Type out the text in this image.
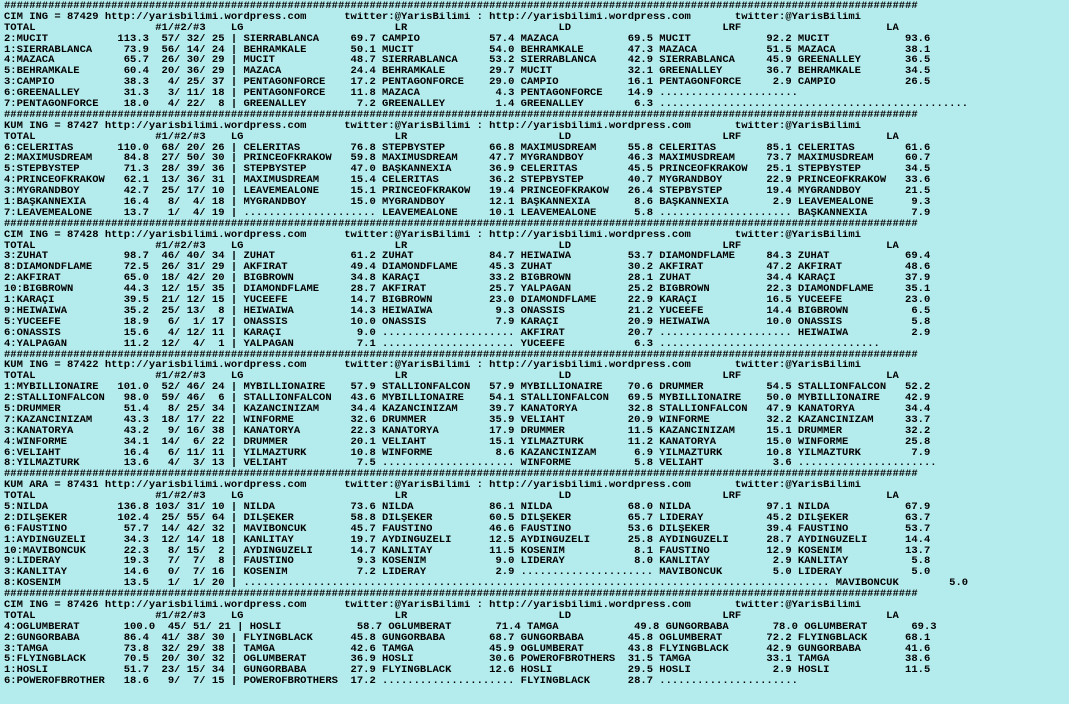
#################################################################################################################################################
CIM ING = 87429 http://yarisbilimi.wordpress.com      twitter:@YarisBilimi : http://yarisbilimi.wordpress.com       twitter:@YarisBilimi
TOTAL                   #1/#2/#3    LG                        LR                        LD                        LRF                       LA
2:MUCİT           113.3  57/ 32/ 25 | SIERRABLANCA     69.7 CAMPIO           57.4 MAZACA           69.5 MUCİT            92.2 MUCİT            93.6
1:SIERRABLANCA     73.9  56/ 14/ 24 | BEHRAMKALE       50.1 MUCİT            54.0 BEHRAMKALE       47.3 MAZACA           51.5 MAZACA           38.1
4:MAZACA           65.7  26/ 30/ 29 | MUCİT            48.7 SIERRABLANCA     53.2 SIERRABLANCA     42.9 SIERRABLANCA     45.9 GREENALLEY       36.5
5:BEHRAMKALE       60.4  20/ 36/ 29 | MAZACA           24.4 BEHRAMKALE       29.7 MUCİT            32.1 GREENALLEY       36.7 BEHRAMKALE       34.5
3:CAMPIO           38.3   4/ 25/ 37 | PENTAGONFORCE    17.2 PENTAGONFORCE    29.0 CAMPIO           16.1 PENTAGONFORCE     2.9 CAMPIO           26.5
6:GREENALLEY       31.3   3/ 11/ 18 | PENTAGONFORCE    11.8 MAZACA            4.3 PENTAGONFORCE    14.9 ......................
7:PENTAGONFORCE    18.0   4/ 22/  8 | GREENALLEY        7.2 GREENALLEY        1.4 GREENALLEY        6.3 .................................................
#################################################################################################################################################
KUM ING = 87427 http://yarisbilimi.wordpress.com      twitter:@YarisBilimi : http://yarisbilimi.wordpress.com       twitter:@YarisBilimi
TOTAL                   #1/#2/#3    LG                        LR                        LD                        LRF                       LA
6:CELERITAS       110.0  68/ 20/ 26 | CELERITAS        76.8 STEPBYSTEP       66.8 MAXIMUSDREAM     55.8 CELERITAS        85.1 CELERITAS        61.6
2:MAXIMUSDREAM     84.8  27/ 50/ 30 | PRINCEOFKRAKOW   59.8 MAXIMUSDREAM     47.7 MYGRANDBOY       46.3 MAXIMUSDREAM     73.7 MAXIMUSDREAM     60.7
5:STEPBYSTEP       71.3  28/ 39/ 36 | STEPBYSTEP       47.0 BAŞKANNEXIA      36.9 CELERITAS        45.5 PRINCEOFKRAKOW   25.1 STEPBYSTEP       34.5
4:PRINCEOFKRAKOW   62.1  13/ 36/ 31 | MAXIMUSDREAM     15.4 CELERITAS        36.2 STEPBYSTEP       40.7 MYGRANDBOY       22.9 PRINCEOFKRAKOW   33.6
3:MYGRANDBOY       42.7  25/ 17/ 10 | LEAVEMEALONE     15.1 PRINCEOFKRAKOW   19.4 PRINCEOFKRAKOW   26.4 STEPBYSTEP       19.4 MYGRANDBOY       21.5
1:BAŞKANNEXIA      16.4   8/  4/ 18 | MYGRANDBOY       15.0 MYGRANDBOY       12.1 BAŞKANNEXIA       8.6 BAŞKANNEXIA       2.9 LEAVEMEALONE      9.3
7:LEAVEMEALONE     13.7   1/  4/ 19 | ..................... LEAVEMEALONE     10.1 LEAVEMEALONE      5.8 ..................... BAŞKANNEXIA       7.9
#################################################################################################################################################
CIM ING = 87428 http://yarisbilimi.wordpress.com      twitter:@YarisBilimi : http://yarisbilimi.wordpress.com       twitter:@YarisBilimi
TOTAL                   #1/#2/#3    LG                        LR                        LD                        LRF                       LA
3:ZUHAT            98.7  46/ 40/ 34 | ZUHAT            61.2 ZUHAT            84.7 HEIWAIWA         53.7 DIAMONDFLAME     84.3 ZUHAT            69.4
8:DIAMONDFLAME     72.5  26/ 31/ 29 | AKFIRAT          49.4 DIAMONDFLAME     45.3 ZUHAT            30.2 AKFIRAT          47.2 AKFIRAT          48.6
2:AKFIRAT          65.0  18/ 42/ 20 | BIGBROWN         34.8 KARAÇİ           33.2 BIGBROWN         28.1 ZUHAT            34.4 KARAÇİ           37.9
10:BIGBROWN        44.3  12/ 15/ 35 | DIAMONDFLAME     28.7 AKFIRAT          25.7 YALPAGAN         25.2 BIGBROWN         22.3 DIAMONDFLAME     35.1
1:KARAÇİ           39.5  21/ 12/ 15 | YÜCEEFE          14.7 BIGBROWN         23.0 DIAMONDFLAME     22.9 KARAÇİ           16.5 YÜCEEFE          23.0
9:HEIWAIWA         35.2  25/ 13/  8 | HEIWAIWA         14.3 HEIWAIWA          9.3 ONASSIS          21.2 YÜCEEFE          14.4 BIGBROWN          6.5
5:YÜCEEFE          18.9   6/  1/ 17 | ONASSIS          10.0 ONASSIS           7.9 KARAÇİ           20.9 HEIWAIWA         10.0 ONASSIS           5.8
6:ONASSIS          15.6   4/ 12/ 11 | KARAÇİ            9.0 ..................... AKFIRAT          20.7 ..................... HEIWAIWA          2.9
4:YALPAGAN         11.2  12/  4/  1 | YALPAGAN          7.1 ..................... YÜCEEFE           6.3 ...................................
#################################################################################################################################################
KUM ING = 87422 http://yarisbilimi.wordpress.com      twitter:@YarisBilimi : http://yarisbilimi.wordpress.com       twitter:@YarisBilimi
TOTAL                   #1/#2/#3    LG                        LR                        LD                        LRF                       LA
1:MYBILLIONAIRE   101.0  52/ 46/ 24 | MYBILLIONAIRE    57.9 STALLIONFALCON   57.9 MYBILLIONAIRE    70.6 DRUMMER          54.5 STALLIONFALCON   52.2
2:STALLIONFALCON   98.0  59/ 46/  6 | STALLIONFALCON   43.6 MYBILLIONAIRE    54.1 STALLIONFALCON   69.5 MYBILLIONAIRE    50.0 MYBILLIONAIRE    42.9
5:DRUMMER          51.4   8/ 25/ 34 | KAZANCINIZAM     34.4 KAZANCINIZAM     39.7 KANATORYA        32.8 STALLIONFALCON   47.9 KANATORYA        34.4
7:KAZANCINIZAM     43.3  18/ 17/ 22 | WINFORME         32.6 DRUMMER          35.9 VELİAHT          20.9 WINFORME         32.2 KAZANCINIZAM     33.7
3:KANATORYA        43.2   9/ 16/ 38 | KANATORYA        22.3 KANATORYA        17.9 DRUMMER          11.5 KAZANCINIZAM     15.1 DRUMMER          32.2
4:WINFORME         34.1  14/  6/ 22 | DRUMMER          20.1 VELİAHT          15.1 YILMAZTÜRK       11.2 KANATORYA        15.0 WINFORME         25.8
6:VELİAHT          16.4   6/ 11/ 11 | YILMAZTÜRK       10.8 WINFORME          8.6 KAZANCINIZAM      6.9 YILMAZTÜRK       10.8 YILMAZTÜRK        7.9
8:YILMAZTÜRK       13.6   4/  3/ 13 | VELİAHT           7.5 ..................... WINFORME          5.8 VELİAHT           3.6 ......................
#################################################################################################################################################
KUM ARA = 87431 http://yarisbilimi.wordpress.com      twitter:@YarisBilimi : http://yarisbilimi.wordpress.com       twitter:@YarisBilimi
TOTAL                   #1/#2/#3    LG                        LR                        LD                        LRF                       LA
5:NİLDA           136.8 103/ 31/ 10 | NİLDA            73.6 NİLDA            86.1 NİLDA            68.0 NİLDA            97.1 NİLDA            67.9
2:DİLŞEKER        102.4  25/ 55/ 64 | DİLŞEKER         58.8 DİLŞEKER         60.5 DİLŞEKER         65.7 LİDERAY          45.2 DİLŞEKER         63.7
6:FAUSTİNO         57.7  14/ 42/ 32 | MAVİBONCUK       45.7 FAUSTİNO         46.6 FAUSTİNO         53.6 DİLŞEKER         39.4 FAUSTİNO         53.7
1:AYDINGÜZELİ      34.3  12/ 14/ 18 | KANLITAY         19.7 AYDINGÜZELİ      12.5 AYDINGÜZELİ      25.8 AYDINGÜZELİ      28.7 AYDINGÜZELİ      14.4
10:MAVİBONCUK      22.3   8/ 15/  2 | AYDINGÜZELİ      14.7 KANLITAY         11.5 KÖSENİM           8.1 FAUSTİNO         12.9 KÖSENİM          13.7
9:LİDERAY          19.3   7/  7/  8 | FAUSTİNO          9.3 KÖSENİM           9.0 LİDERAY           8.0 KANLITAY          2.9 KANLITAY          5.8
3:KANLITAY         14.6   0/  7/ 16 | KÖSENİM           7.2 LİDERAY           2.9 ..................... MAVİBONCUK        5.0 LİDERAY           5.0
8:KÖSENİM          13.5   1/  1/ 20 | ............................................................................................. MAVİBONCUK        5.0
#################################################################################################################################################
CIM ING = 87426 http://yarisbilimi.wordpress.com      twitter:@YarisBilimi : http://yarisbilimi.wordpress.com       twitter:@YarisBilimi
TOTAL                   #1/#2/#3    LG                        LR                        LD                        LRF                       LA
4:OĞLUMBERAT       100.0  45/ 51/ 21 | HOSLİ            58.7 OĞLUMBERAT       71.4 TAMGA            49.8 GÜNGÖRBABA       78.0 OĞLUMBERAT       69.3
2:GÜNGÖRBABA       86.4  41/ 38/ 30 | FLYINGBLACK      45.8 GÜNGÖRBABA       68.7 GÜNGÖRBABA       45.8 OĞLUMBERAT       72.2 FLYINGBLACK      68.1
3:TAMGA            73.8  32/ 29/ 38 | TAMGA            42.6 TAMGA            45.9 OĞLUMBERAT       43.8 FLYINGBLACK      42.9 GÜNGÖRBABA       41.6
5:FLYINGBLACK      70.5  20/ 30/ 32 | OĞLUMBERAT       36.9 HOSLİ            30.6 POWEROFBROTHERS  31.5 TAMGA            33.1 TAMGA            38.6
1:HOSLİ            51.7  23/ 15/ 34 | GÜNGÖRBABA       27.9 FLYINGBLACK      12.6 HOSLİ            29.5 HOSLİ             2.9 HOSLİ            11.5
6:POWEROFBROTHER   18.6   9/  7/ 15 | POWEROFBROTHERS  17.2 ..................... FLYINGBLACK      28.7 ......................
